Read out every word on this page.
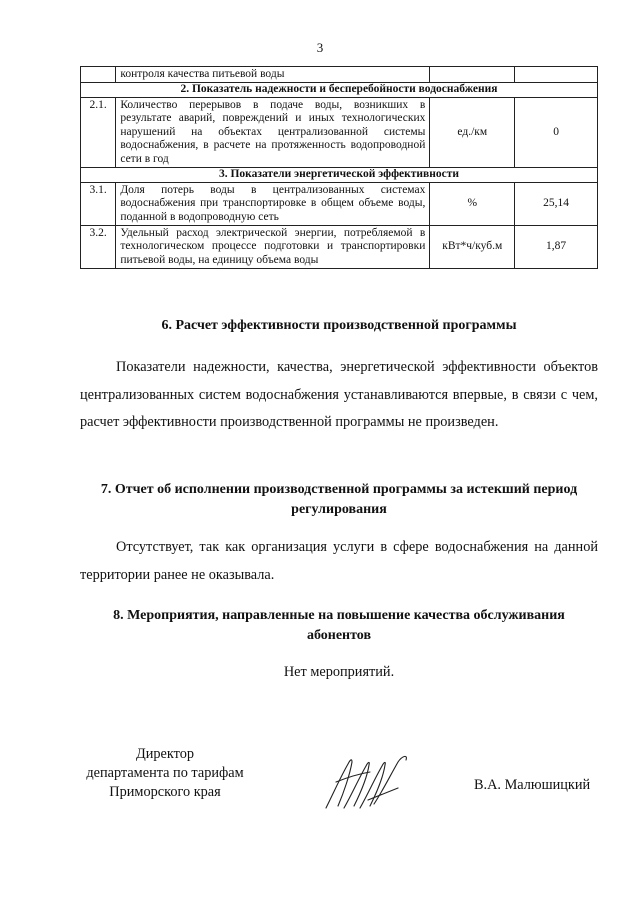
3
	контроля качества питьевой воды		
2. Показатель надежности и бесперебойности водоснабжения			
2.1.	Количество перерывов в подаче воды, возникших в результате аварий, повреждений и иных технологических нарушений на объектах централизованной системы водоснабжения, в расчете на протяженность водопроводной сети в год	ед./км	0
3. Показатели энергетической эффективности			
3.1.	Доля потерь воды в централизованных системах водоснабжения при транспортировке в общем объеме воды, поданной в водопроводную сеть	%	25,14
3.2.	Удельный расход электрической энергии, потребляемой в технологическом процессе подготовки и транспортировки питьевой воды, на единицу объема воды	кВт*ч/куб.м	1,87
6. Расчет эффективности производственной программы

Показатели надежности, качества, энергетической эффективности объектов централизованных систем водоснабжения устанавливаются впервые, в связи с чем, расчет эффективности производственной программы не произведен.

7. Отчет об исполнении производственной программы за истекший период регулирования

Отсутствует, так как организация услуги в сфере водоснабжения на данной территории ранее не оказывала.

8. Мероприятия, направленные на повышение качества обслуживания абонентов
Нет мероприятий.
Директор
департамента по тарифам
Приморского края	В.А. Малюшицкий
